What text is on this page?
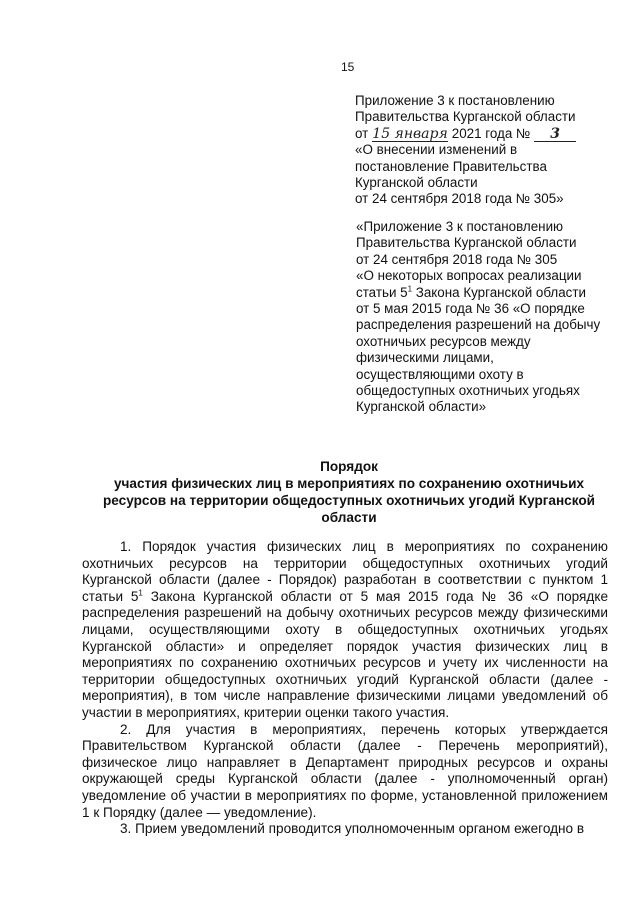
15
Приложение 3 к постановлению
Правительства Курганской области
от 15 января 2021 года № 3
«О внесении изменений в
постановление Правительства
Курганской области
от 24 сентября 2018 года № 305»
«Приложение 3 к постановлению
Правительства Курганской области
от 24 сентября 2018 года № 305
«О некоторых вопросах реализации
статьи $5^1$ Закона Курганской области
от 5 мая 2015 года № 36 «О порядке
распределения разрешений на добычу
охотничьих ресурсов между
физическими лицами,
осуществляющими охоту в
общедоступных охотничьих угодьях
Курганской области»
Порядок
участия физических лиц в мероприятиях по сохранению охотничьих ресурсов на территории общедоступных охотничьих угодий Курганской области

1. Порядок участия физических лиц в мероприятиях по сохранению охотничьих ресурсов на территории общедоступных охотничьих угодий Курганской области (далее - Порядок) разработан в соответствии с пунктом 1 статьи $5^1$ Закона Курганской области от 5 мая 2015 года № 36 «О порядке распределения разрешений на добычу охотничьих ресурсов между физическими лицами, осуществляющими охоту в общедоступных охотничьих угодьях Курганской области» и определяет порядок участия физических лиц в мероприятиях по сохранению охотничьих ресурсов и учету их численности на территории общедоступных охотничьих угодий Курганской области (далее - мероприятия), в том числе направление физическими лицами уведомлений об участии в мероприятиях, критерии оценки такого участия.

2. Для участия в мероприятиях, перечень которых утверждается Правительством Курганской области (далее - Перечень мероприятий), физическое лицо направляет в Департамент природных ресурсов и охраны окружающей среды Курганской области (далее - уполномоченный орган) уведомление об участии в мероприятиях по форме, установленной приложением 1 к Порядку (далее — уведомление).

3. Прием уведомлений проводится уполномоченным органом ежегодно в
